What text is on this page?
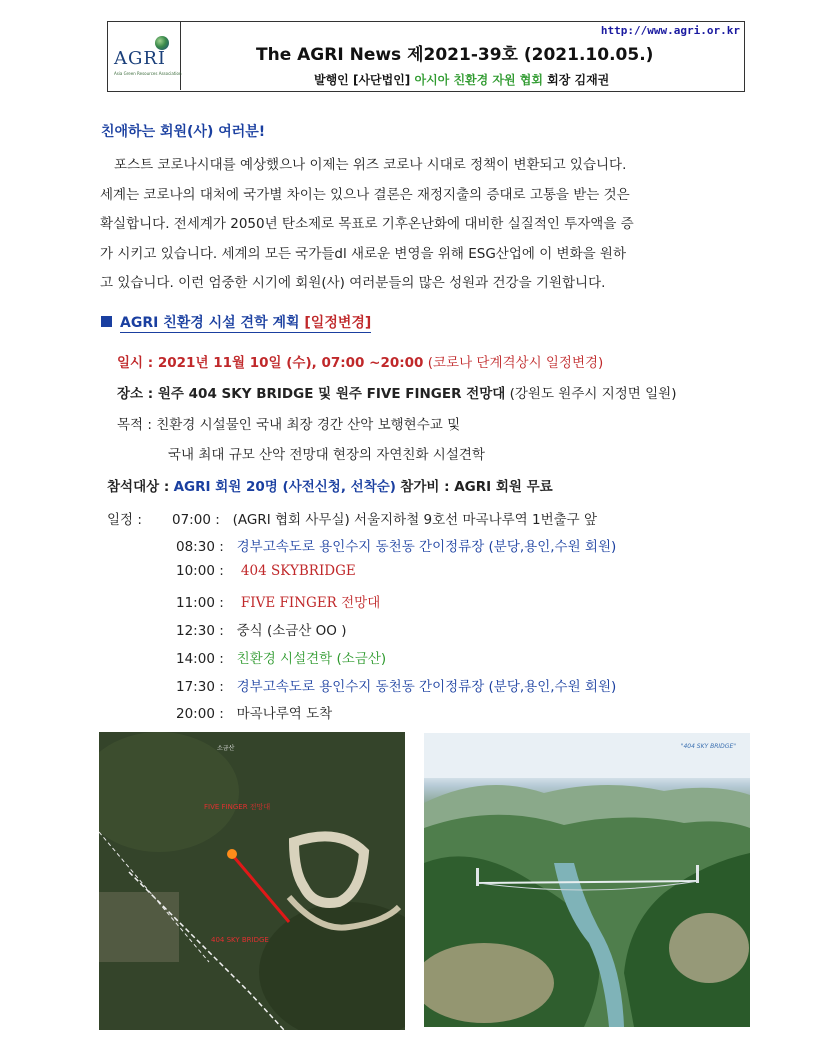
AGRI
Asia Green Resources Association
http://www.agri.or.kr
The AGRI News 제2021-39호 (2021.10.05.)
발행인 [사단법인] 아시아 친환경 자원 협회 회장 김재권
친애하는 회원(사) 여러분!
포스트 코로나시대를 예상했으나 이제는 위즈 코로나 시대로 정책이 변환되고 있습니다.
세계는 코로나의 대처에 국가별 차이는 있으나 결론은 재정지출의 증대로 고통을 받는 것은
확실합니다. 전세계가 2050년 탄소제로 목표로 기후온난화에 대비한 실질적인 투자액을 증
가 시키고 있습니다. 세계의 모든 국가들dl 새로운 변영을 위해 ESG산업에 이 변화을 원하
고 있습니다. 이런 엄중한 시기에 회원(사) 여러분들의 많은 성원과 건강을 기원합니다.
AGRI 친환경 시설 견학 계획 [일정변경]
일시 : 2021년 11월 10일 (수), 07:00 ~20:00 (코로나 단계격상시 일정변경)
장소 : 원주 404 SKY BRIDGE 및 원주 FIVE FINGER 전망대 (강원도 원주시 지정면 일원)
목적 : 친환경 시설물인 국내 최장 경간 산악 보행현수교 및
국내 최대 규모 산악 전망대 현장의 자연친화 시설견학
참석대상 : AGRI 회원 20명 (사전신청, 선착순) 참가비 : AGRI 회원 무료
일정 : 07:00 : (AGRI 협회 사무실) 서울지하철 9호선 마곡나루역 1번출구 앞
08:30 : 경부고속도로 용인수지 동천동 간이정류장 (분당,용인,수원 회원)
10:00 : 404 SKYBRIDGE
11:00 : FIVE FINGER 전망대
12:30 : 중식 (소금산 OO )
14:00 : 친환경 시설견학 (소금산)
17:30 : 경부고속도로 용인수지 동천동 간이정류장 (분당,용인,수원 회원)
20:00 : 마곡나루역 도착
FIVE FINGER 전망대
404 SKY BRIDGE
소금산	"404 SKY BRIDGE"
